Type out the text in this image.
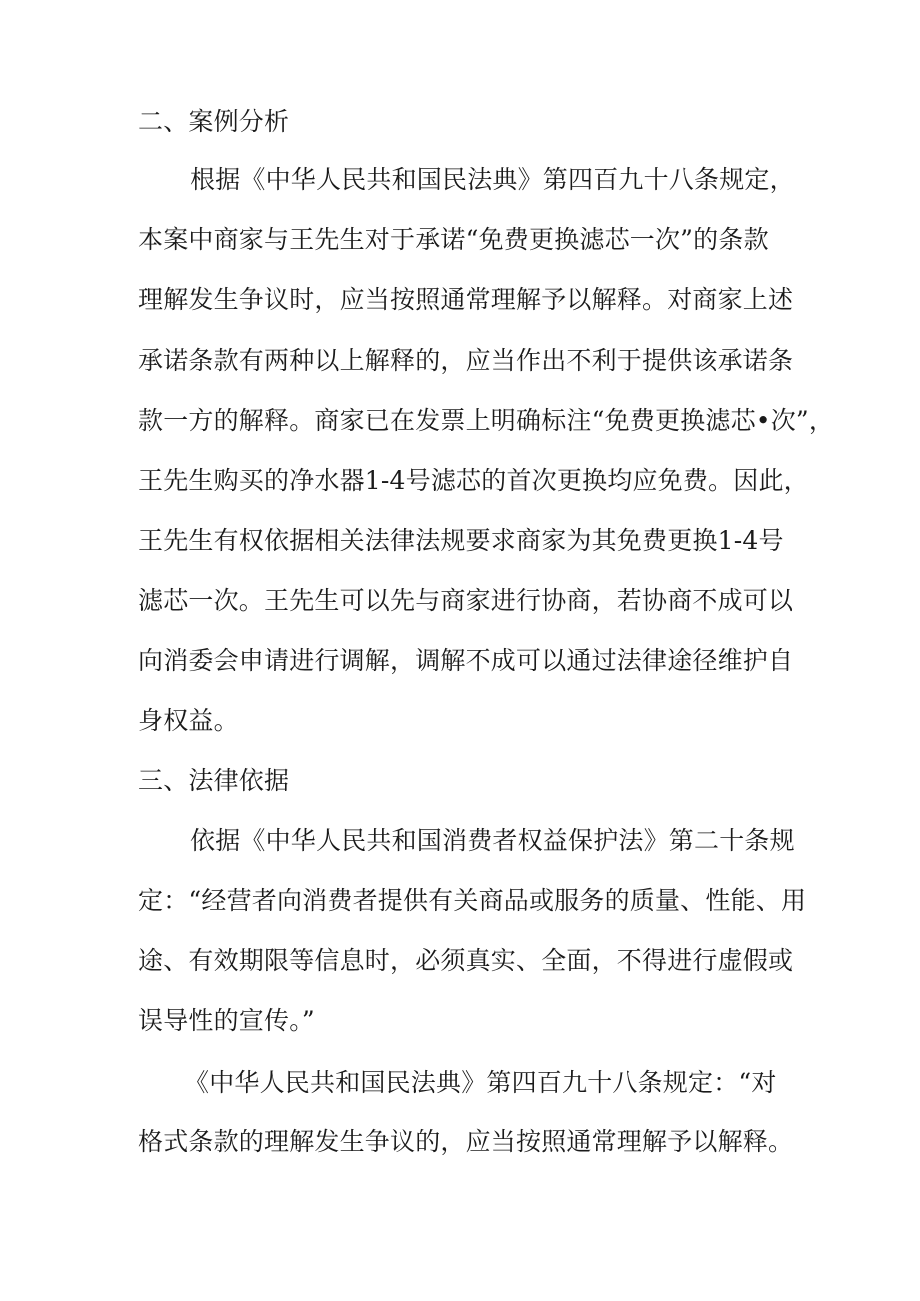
二、案例分析
根据《中华人民共和国民法典》第四百九十八条规定，
本案中商家与王先生对于承诺“免费更换滤芯一次”的条款
理解发生争议时，应当按照通常理解予以解释。对商家上述
承诺条款有两种以上解释的，应当作出不利于提供该承诺条
款一方的解释。商家已在发票上明确标注“免费更换滤芯•次”，
王先生购买的净水器1-4号滤芯的首次更换均应免费。因此，
王先生有权依据相关法律法规要求商家为其免费更换1-4号
滤芯一次。王先生可以先与商家进行协商，若协商不成可以
向消委会申请进行调解，调解不成可以通过法律途径维护自
身权益。
三、法律依据
依据《中华人民共和国消费者权益保护法》第二十条规
定：“经营者向消费者提供有关商品或服务的质量、性能、用
途、有效期限等信息时，必须真实、全面，不得进行虚假或
误导性的宣传。”
《中华人民共和国民法典》第四百九十八条规定：“对
格式条款的理解发生争议的，应当按照通常理解予以解释。
